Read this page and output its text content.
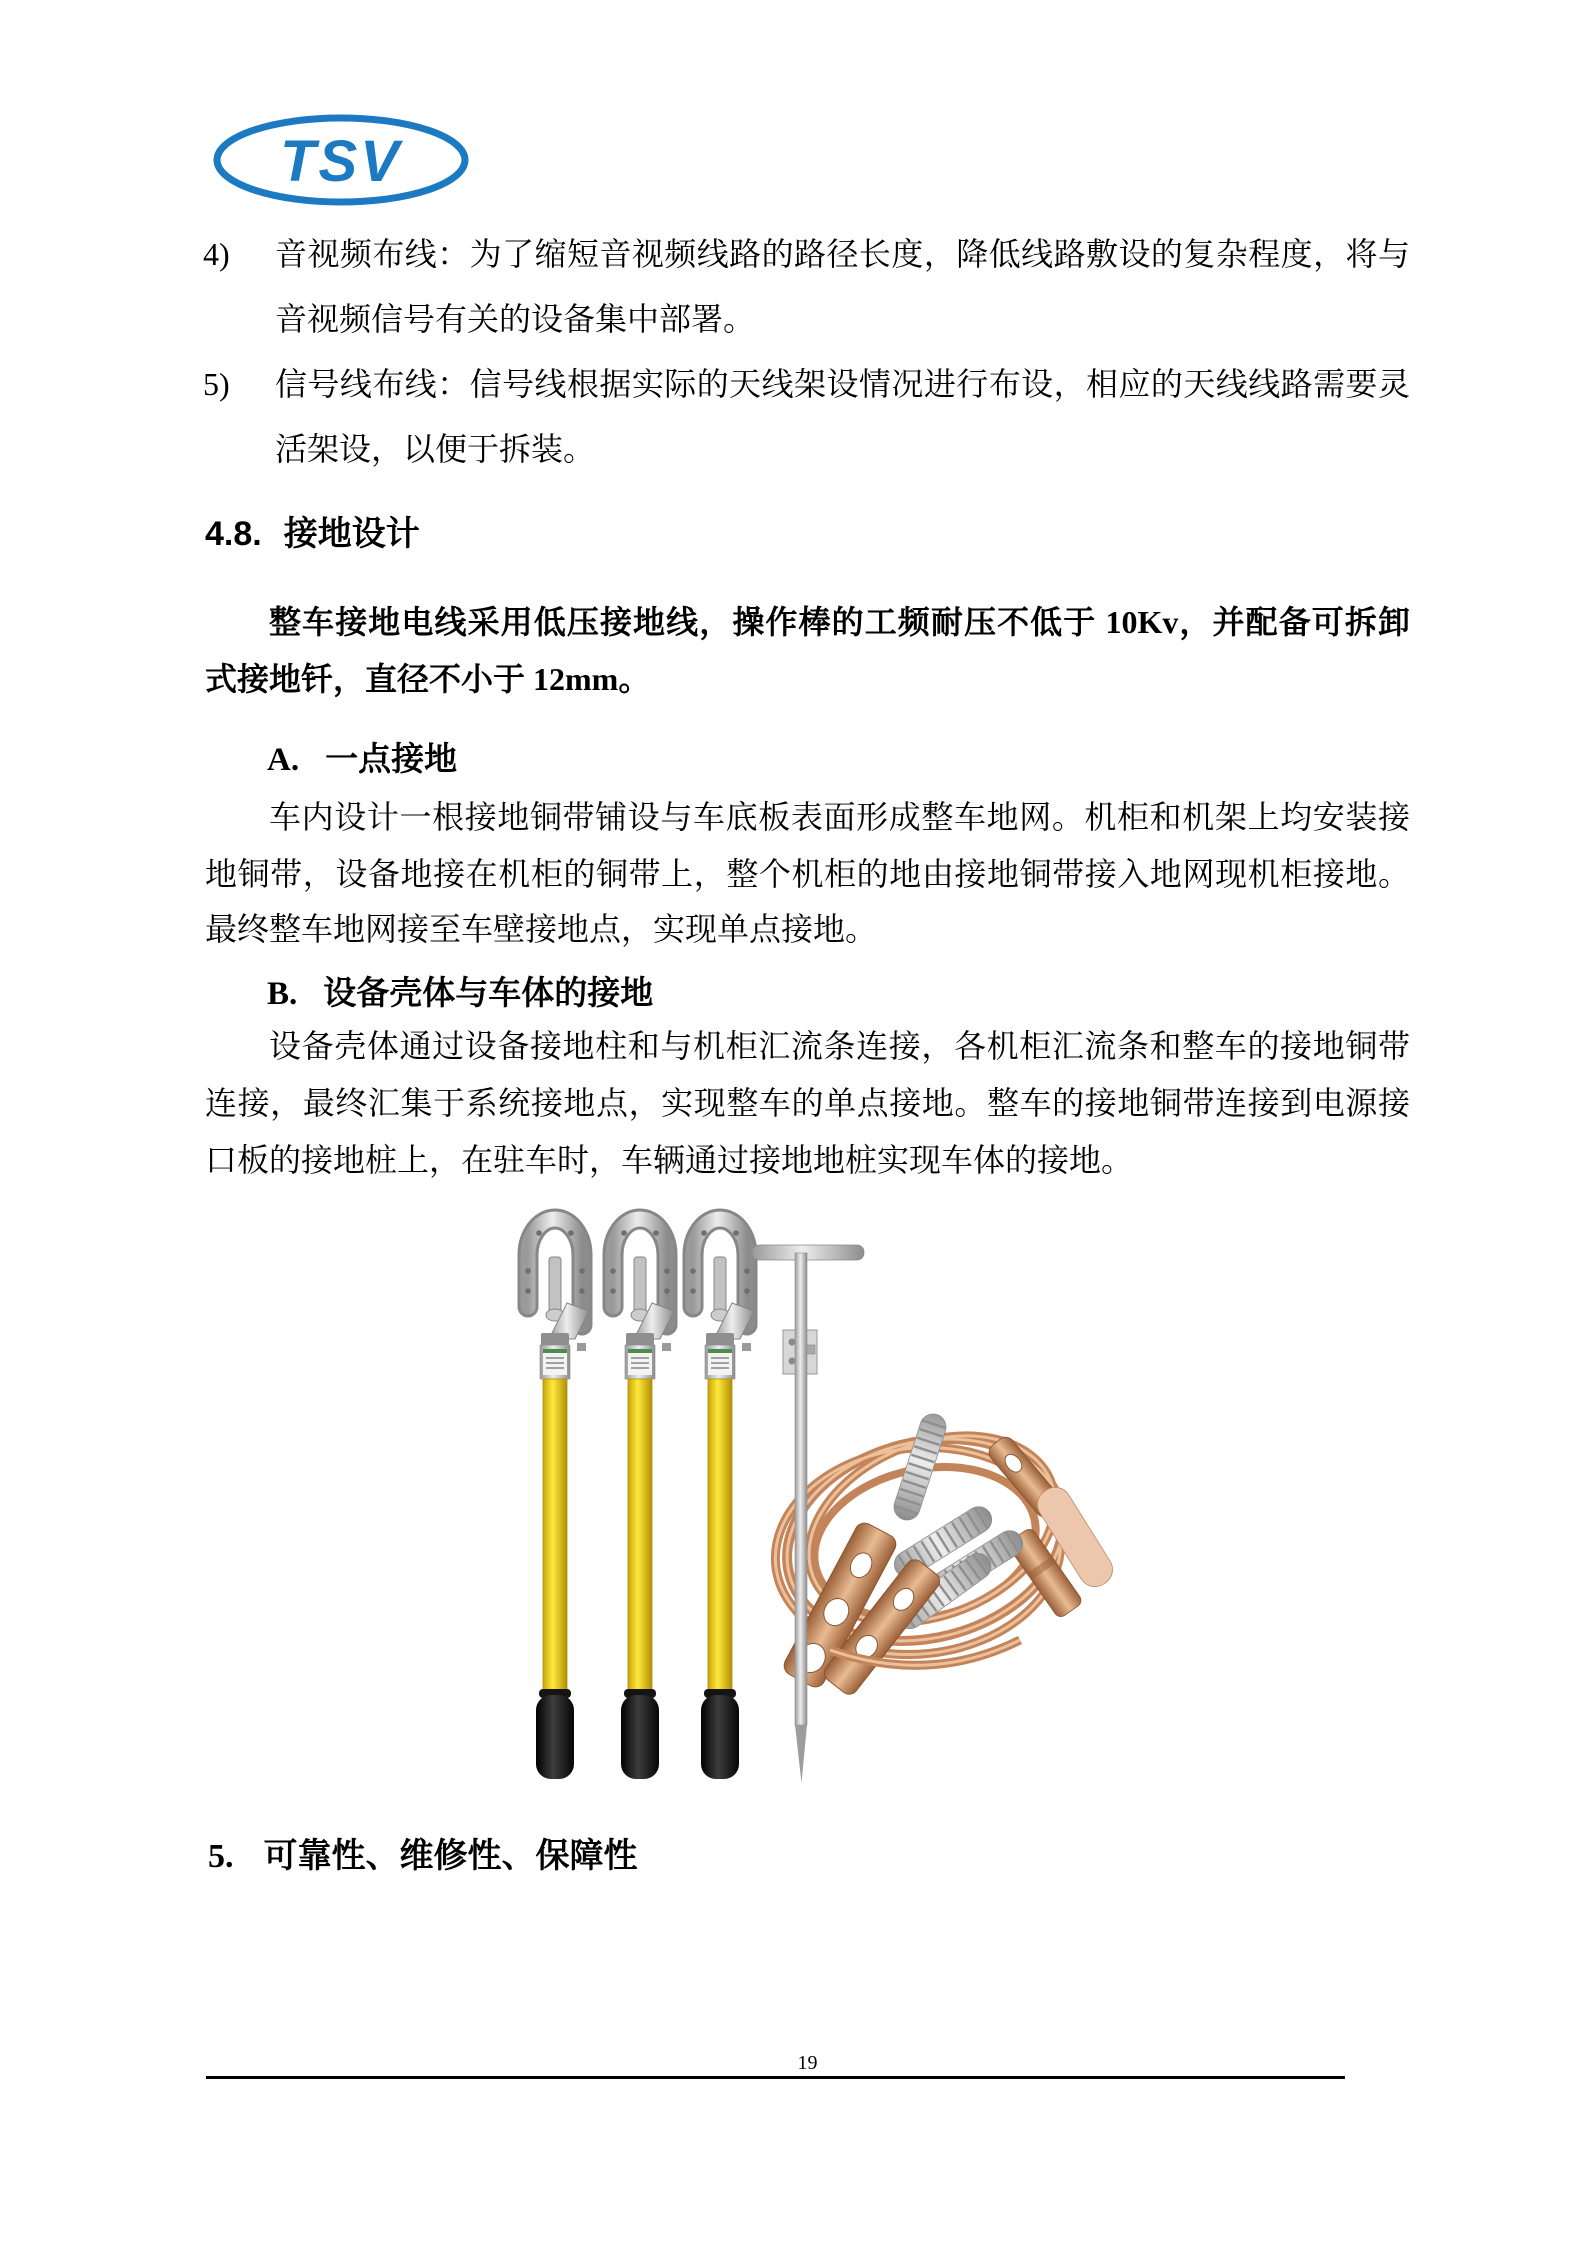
TSV
4) 音视频布线：为了缩短音视频线路的路径长度，降低线路敷设的复杂程度，将与
音视频信号有关的设备集中部署。
5) 信号线布线：信号线根据实际的天线架设情况进行布设，相应的天线线路需要灵
活架设，以便于拆装。
4.8. 接地设计
整车接地电线采用低压接地线，操作棒的工频耐压不低于 10Kv，并配备可拆卸
式接地钎，直径不小于 12mm。
A. 一点接地
车内设计一根接地铜带铺设与车底板表面形成整车地网。机柜和机架上均安装接
地铜带，设备地接在机柜的铜带上，整个机柜的地由接地铜带接入地网现机柜接地。
最终整车地网接至车壁接地点，实现单点接地。
B. 设备壳体与车体的接地
设备壳体通过设备接地柱和与机柜汇流条连接，各机柜汇流条和整车的接地铜带
连接，最终汇集于系统接地点，实现整车的单点接地。整车的接地铜带连接到电源接
口板的接地桩上，在驻车时，车辆通过接地地桩实现车体的接地。
5. 可靠性、维修性、保障性
19
